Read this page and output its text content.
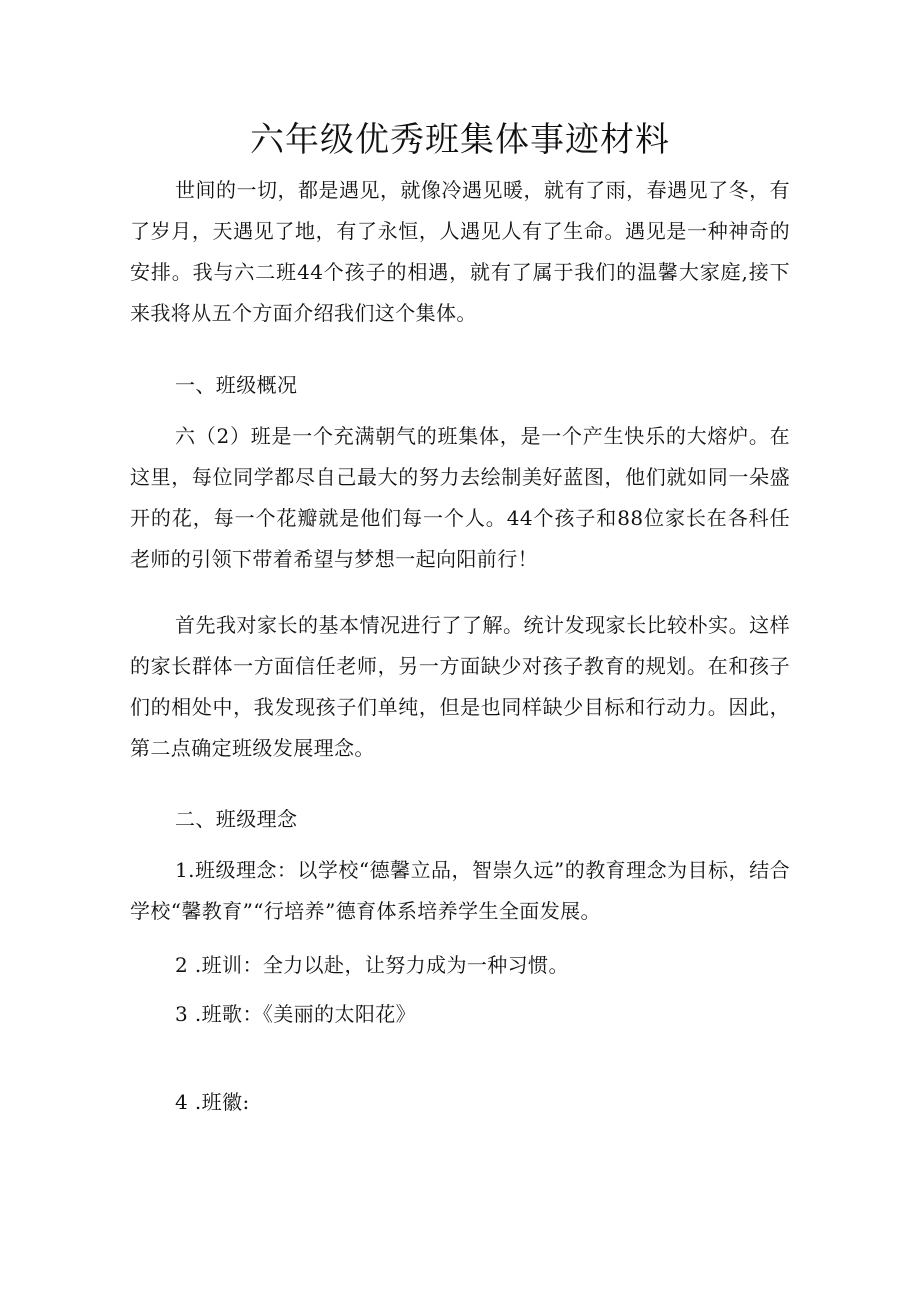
六年级优秀班集体事迹材料

世间的一切，都是遇见，就像冷遇见暖，就有了雨，春遇见了冬，有了岁月，天遇见了地，有了永恒，人遇见人有了生命。遇见是一种神奇的安排。我与六二班44个孩子的相遇，就有了属于我们的温馨大家庭,接下来我将从五个方面介绍我们这个集体。

一、班级概况

六（2）班是一个充满朝气的班集体，是一个产生快乐的大熔炉。在这里，每位同学都尽自己最大的努力去绘制美好蓝图，他们就如同一朵盛开的花，每一个花瓣就是他们每一个人。44个孩子和88位家长在各科任老师的引领下带着希望与梦想一起向阳前行！

首先我对家长的基本情况进行了了解。统计发现家长比较朴实。这样的家长群体一方面信任老师，另一方面缺少对孩子教育的规划。在和孩子们的相处中，我发现孩子们单纯，但是也同样缺少目标和行动力。因此，第二点确定班级发展理念。

二、班级理念

1.班级理念：以学校“德馨立品，智崇久远”的教育理念为目标，结合学校“馨教育”“行培养”德育体系培养学生全面发展。

2 .班训：全力以赴，让努力成为一种习惯。

3 .班歌：《美丽的太阳花》

4 .班徽:
